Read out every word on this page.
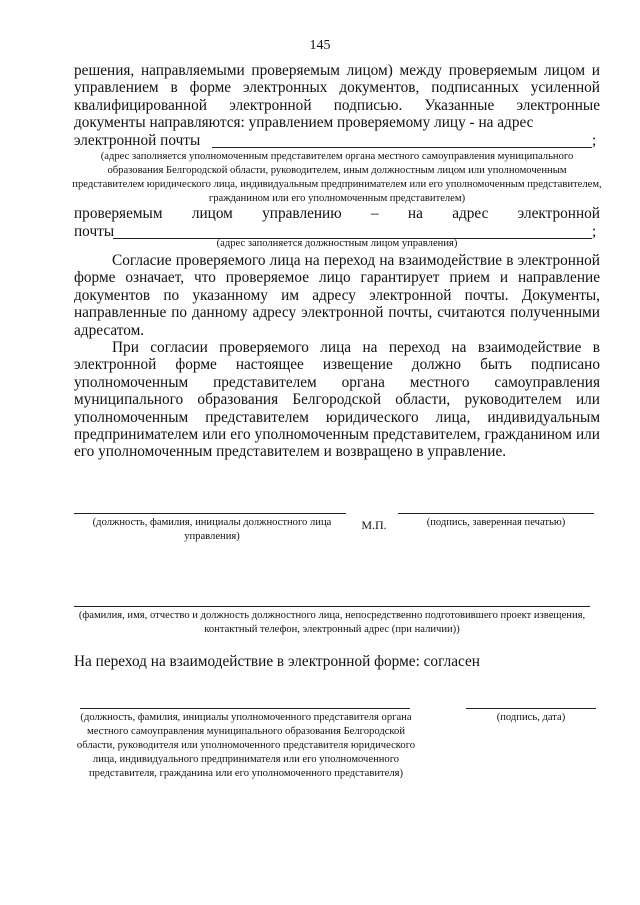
145
решения, направляемыми проверяемым лицом) между проверяемым лицом и управлением в форме электронных документов, подписанных усиленной квалифицированной электронной подписью. Указанные электронные документы направляются: управлением проверяемому лицу - на адрес
электронной почты	;
(адрес заполняется уполномоченным представителем органа местного самоуправления муниципального образования Белгородской области, руководителем, иным должностным лицом или уполномоченным представителем юридического лица, индивидуальным предпринимателем или его уполномоченным представителем, гражданином или его уполномоченным представителем)
проверяемым лицом управлению – на адрес электронной
почты	;
(адрес заполняется должностным лицом управления)
Согласие проверяемого лица на переход на взаимодействие в электронной форме означает, что проверяемое лицо гарантирует прием и направление документов по указанному им адресу электронной почты. Документы, направленные по данному адресу электронной почты, считаются полученными адресатом.
При согласии проверяемого лица на переход на взаимодействие в электронной форме настоящее извещение должно быть подписано уполномоченным представителем органа местного самоуправления муниципального образования Белгородской области, руководителем или уполномоченным представителем юридического лица, индивидуальным предпринимателем или его уполномоченным представителем, гражданином или его уполномоченным представителем и возвращено в управление.
(должность, фамилия, инициалы должностного лица управления)
М.П.	(подпись, заверенная печатью)
(фамилия, имя, отчество и должность должностного лица, непосредственно подготовившего проект извещения, контактный телефон, электронный адрес (при наличии))
На переход на взаимодействие в электронной форме: согласен
(должность, фамилия, инициалы уполномоченного представителя органа местного самоуправления муниципального образования Белгородской области, руководителя или уполномоченного представителя юридического лица, индивидуального предпринимателя или его уполномоченного представителя, гражданина или его уполномоченного представителя)
(подпись, дата)
